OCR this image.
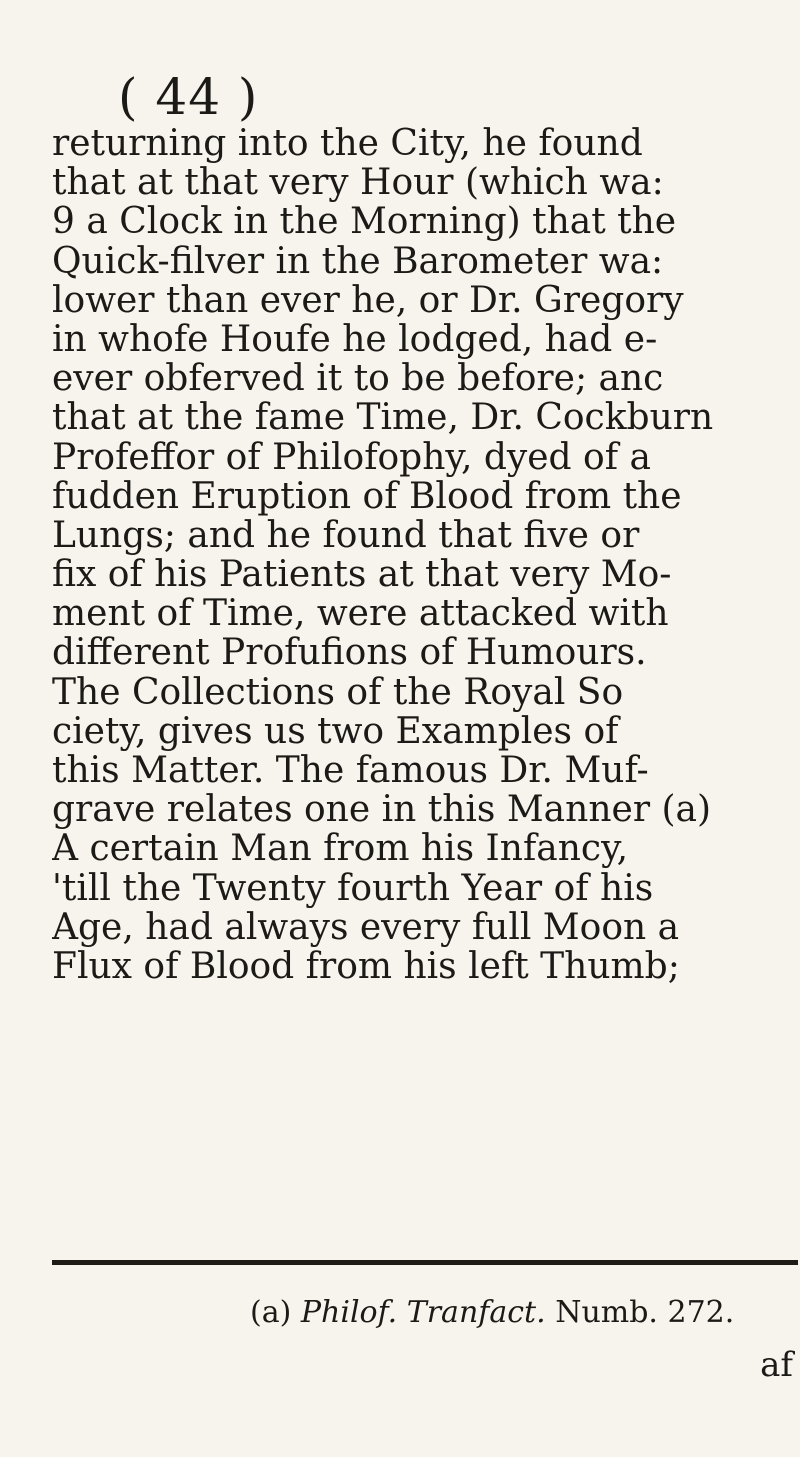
( 44 )
returning into the City, he found
that at that very Hour (which wa:
9 a Clock in the Morning) that the
Quick-filver in the Barometer wa:
lower than ever he, or Dr. Gregory
in whofe Houfe he lodged, had e-
ever obferved it to be before; anc
that at the fame Time, Dr. Cockburn
Profeffor of Philofophy, dyed of a
fudden Eruption of Blood from the
Lungs; and he found that five or
fix of his Patients at that very Mo-
ment of Time, were attacked with
different Profufions of Humours.
The Collections of the Royal So
ciety, gives us two Examples of
this Matter. The famous Dr. Muf-
grave relates one in this Manner (a)
A certain Man from his Infancy,
'till the Twenty fourth Year of his
Age, had always every full Moon a
Flux of Blood from his left Thumb;
(a) Philof. Tranfact. Numb. 272.
af
